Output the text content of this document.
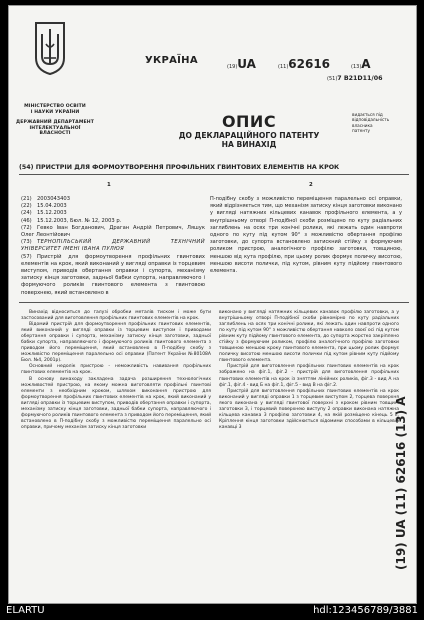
МІНІСТЕРСТВО ОСВІТИ
І НАУКИ УКРАЇНИ
ДЕРЖАВНИЙ ДЕПАРТАМЕНТ
ІНТЕЛЕКТУАЛЬНОЇ
ВЛАСНОСТІ
УКРАЇНА
(19)UA	(11)62616	(13)A
(51)7 B21D11/06
видається під
відповідальність
власника
патенту
ОПИС
ДО ДЕКЛАРАЦІЙНОГО ПАТЕНТУ
НА ВИНАХІД
(54) ПРИСТРІЙ ДЛЯ ФОРМОУТВОРЕННЯ ПРОФІЛЬНИХ ГВИНТОВИХ ЕЛЕМЕНТІВ НА КРОК
1	2
(21) 2003043403
(22) 15.04.2003
(24) 15.12.2003
(46) 15.12.2003, Бюл. № 12, 2003 р.
(72) Гевко Іван Богданович, Драган Андрій Петрович, Ляшук Олег Леонтійович
(73) ТЕРНОПІЛЬСЬКИЙ ДЕРЖАВНИЙ ТЕХНІЧНИЙ УНІВЕРСИТЕТ ІМЕНІ ІВАНА ПУЛЮЯ
(57) Пристрій для формоутворення профільних гвинтових елементів на крок, який виконаний у вигляді оправки із торцевим виступом, приводів обертання оправки і супорта, механізму затиску кінця заготовки, задньої бабки супорта, направляючого і формуючого роликів гвинтового елемента з гвинтовою поверхнею, який встановлено в

П-подібну скобу з можливістю переміщення паралельно осі оправки, який відрізняється тим, що механізм затиску кінця заготовки виконано у вигляді натяжних кільцевих канавок профільного елемента, а у внутрішньому отворі П-подібної скоби розміщено по куту радіальних заглиблень на осях три конічні ролики, які лежать один навпроти одного по куту під кутом 90° з можливістю обертання профілю заготовки, до супорта встановлено затискний стійку з формуючим роликом пристрою, аналогічного профілю заготовки, товщиною, меншою від кута профілю, при цьому ролик формує поличку висотою, меншою висоти полички, під кутом, рівним куту підйому гвинтового елемента.

Винахід відноситься до галузі обробки металів тиском і може бути застосований для виготовлення профільних гвинтових елементів на крок.

Відомий пристрій для формоутворення профільних гвинтових елементів, який виконаний у вигляді оправки із торцевим виступом і приводами обертання оправки і супорта, механізму затиску кінця заготовки, задньої бабки супорта, направляючого і формуючого роликів гвинтового елемента з приводом його переміщення, який встановлено в П-подібну скобу з можливістю переміщення паралельно осі оправки (Патент України №80108А Бюл. №4, 2001р).

Основний недолік пристрою - неможливість навивання профільних гвинтових елементів на крок.

В основу винаходу закладена задача розширення технологічних можливостей пристрою, на якому можна виготовляти профільні гвинтові елементи з необхідним кроком, шляхом виконання пристрою для формоутворення профільних гвинтових елементів на крок, який виконаний у вигляді оправки із торцевим виступом, приводів обертання оправки і супорта, механізму затиску кінця заготовки, задньої бабки супорта, направляючого і формуючого роликів гвинтового елемента з приводом його переміщення, який встановлено в П-подібну скобу з можливістю переміщення паралельно осі оправки, причому механізм затиску кінця заготовки

виконано у вигляді натяжних кільцевих канавок профілю заготовки, а у внутрішньому отворі П-подібної скоби рівномірно по куту радіальних заглиблень на осях три конічні ролики, які лежать один навпроти одного по куту під кутом 90° з можливістю обертання навколо своєї осі під кутом рівним куту підйому гвинтового елемента, до супорта жорстко закріплено стійку з формуючим роликом, профілю аналогічного профілю заготовки товщиною меншою кроку гвинтового елемента, при цьому ролик формує поличку висотою меншою висоти полички під кутом рівним куту підйому гвинтового елемента.

Пристрій для виготовлення профільних гвинтових елементів на крок зображено на фіг.1, фіг.2 - пристрій для виготовлення профільних гвинтових елементів на крок із зняттям лінійних роликів, фіг.3 - вид А на фіг.1, фіг.4 - вид Б на фіг.1, фіг.5 - вид В на фіг.2.

Пристрій для виготовлення профільних гвинтових елементів на крок виконаний у вигляді оправки 1 з торцевим виступом 2, торцева поверхня якого виконана у вигляді гвинтової поверхні з кроком рівним товщині заготовки 3, і торцевий поверхнею виступу 2 оправки виконана натяжна кільцева канавка 3 профілю заготовки 4, на якій розміщено кінець 5 її. Кріплення кінця заготовки здійснюється відомими способами в кільцевій канавці 3	(19) UA (11) 62616 (13) A
ELARTU	hdl:123456789/3881
